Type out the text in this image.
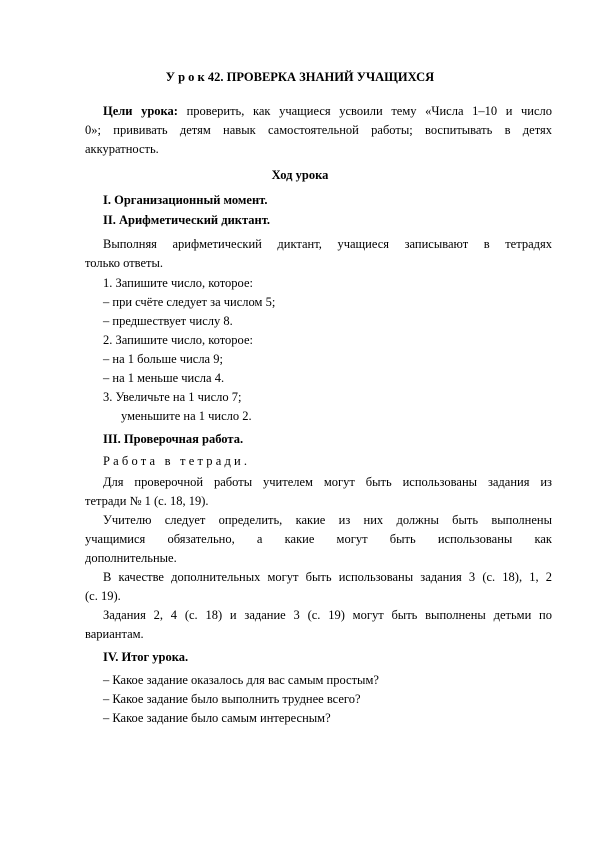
У р о к 42. ПРОВЕРКА ЗНАНИЙ УЧАЩИХСЯ

Цели урока: проверить, как учащиеся усвоили тему «Числа 1–10 и число

0»; прививать детям навык самостоятельной работы; воспитывать в детях

аккуратность.

Ход урока

I. Организационный момент.

II. Арифметический диктант.

Выполняя арифметический диктант, учащиеся записывают в тетрадях

только ответы.

1. Запишите число, которое:

– при счёте следует за числом 5;

– предшествует числу 8.

2. Запишите число, которое:

– на 1 больше числа 9;

– на 1 меньше числа 4.

3. Увеличьте на 1 число 7;

уменьшите на 1 число 2.

III. Проверочная работа.

Работа в тетради.

Для проверочной работы учителем могут быть использованы задания из

тетради № 1 (с. 18, 19).

Учителю следует определить, какие из них должны быть выполнены

учащимися обязательно, а какие могут быть использованы как

дополнительные.

В качестве дополнительных могут быть использованы задания 3 (с. 18), 1, 2

(с. 19).

Задания 2, 4 (с. 18) и задание 3 (с. 19) могут быть выполнены детьми по

вариантам.

IV. Итог урока.

– Какое задание оказалось для вас самым простым?

– Какое задание было выполнить труднее всего?

– Какое задание было самым интересным?
